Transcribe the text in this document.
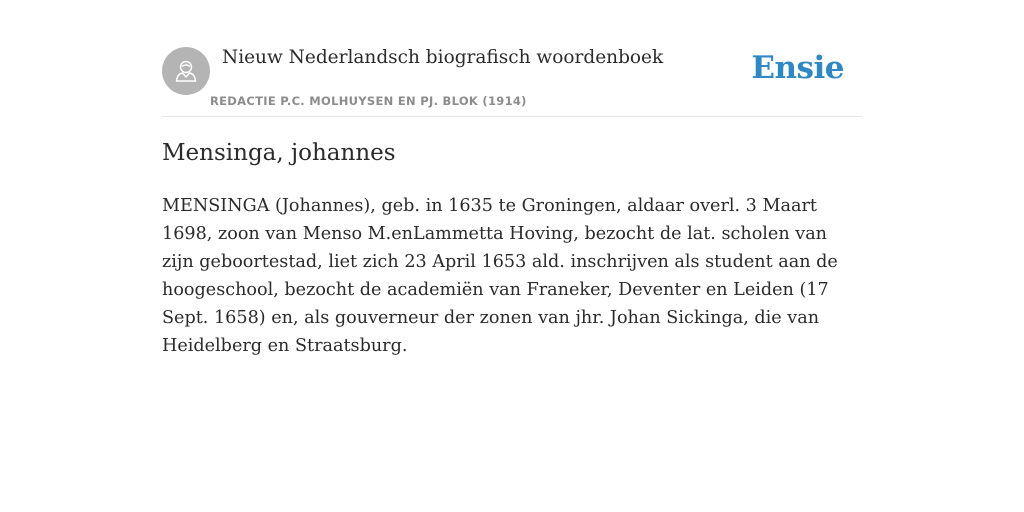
Nieuw Nederlandsch biografisch woordenboek
REDACTIE P.C. MOLHUYSEN EN PJ. BLOK (1914)
Ensie
Mensinga, johannes

MENSINGA (Johannes), geb. in 1635 te Groningen, aldaar overl. 3 Maart 1698, zoon van Menso M.enLammetta Hoving, bezocht de lat. scholen van zijn geboortestad, liet zich 23 April 1653 ald. inschrijven als student aan de hoogeschool, bezocht de academiën van Franeker, Deventer en Leiden (17 Sept. 1658) en, als gouverneur der zonen van jhr. Johan Sickinga, die van Heidelberg en Straatsburg.
